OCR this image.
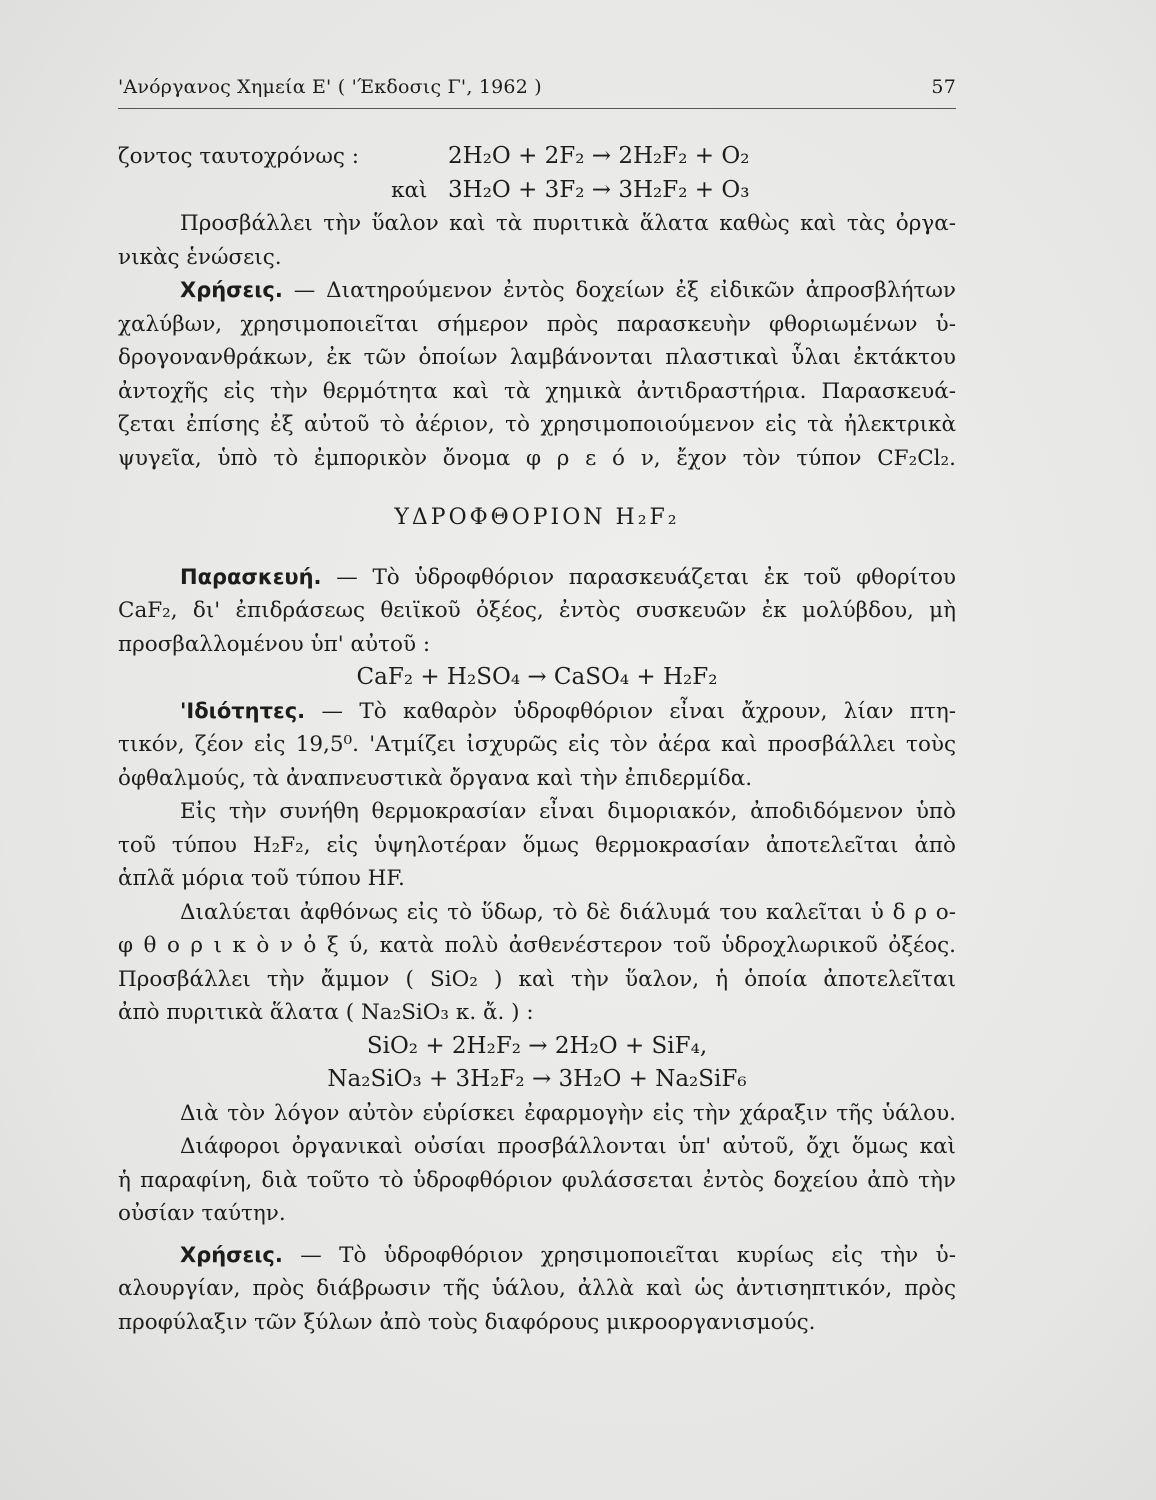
'Ανόργανος Χημεία Ε' ( 'Έκδοσις Γ', 1962 )	57
ζοντος ταυτοχρόνως :	2H₂O + 2F₂ → 2H₂F₂ + O₂
καὶ 3H₂O + 3F₂ → 3H₂F₂ + O₃
Προσβάλλει τὴν ὕαλον καὶ τὰ πυριτικὰ ἅλατα καθὼς καὶ τὰς ὀργα-
νικὰς ἑνώσεις.
Χρήσεις. — Διατηρούμενον ἐντὸς δοχείων ἐξ εἰδικῶν ἀπροσβλήτων
χαλύβων, χρησιμοποιεῖται σήμερον πρὸς παρασκευὴν φθοριωμένων ὑ-
δρογονανθράκων, ἐκ τῶν ὁποίων λαμβάνονται πλαστικαὶ ὗλαι ἐκτάκτου
ἀντοχῆς εἰς τὴν θερμότητα καὶ τὰ χημικὰ ἀντιδραστήρια. Παρασκευά-
ζεται ἐπίσης ἐξ αὐτοῦ τὸ ἀέριον, τὸ χρησιμοποιούμενον εἰς τὰ ἠλεκτρικὰ
ψυγεῖα, ὑπὸ τὸ ἐμπορικὸν ὄνομα φ ρ ε ό ν, ἔχον τὸν τύπον CF₂Cl₂.
ΥΔΡΟΦΘΟΡΙΟΝ H₂F₂
Παρασκευή. — Τὸ ὑδροφθόριον παρασκευάζεται ἐκ τοῦ φθορίτου
CaF₂, δι' ἐπιδράσεως θειϊκοῦ ὀξέος, ἐντὸς συσκευῶν ἐκ μολύβδου, μὴ
προσβαλλομένου ὑπ' αὐτοῦ :
CaF₂ + H₂SO₄ → CaSO₄ + H₂F₂
'Ιδιότητες. — Τὸ καθαρὸν ὑδροφθόριον εἶναι ἄχρουν, λίαν πτη-
τικόν, ζέον εἰς 19,5⁰. 'Ατμίζει ἰσχυρῶς εἰς τὸν ἀέρα καὶ προσβάλλει τοὺς
ὀφθαλμούς, τὰ ἀναπνευστικὰ ὄργανα καὶ τὴν ἐπιδερμίδα.
Εἰς τὴν συνήθη θερμοκρασίαν εἶναι διμοριακόν, ἀποδιδόμενον ὑπὸ
τοῦ τύπου H₂F₂, εἰς ὑψηλοτέραν ὅμως θερμοκρασίαν ἀποτελεῖται ἀπὸ
ἁπλᾶ μόρια τοῦ τύπου HF.
Διαλύεται ἀφθόνως εἰς τὸ ὕδωρ, τὸ δὲ διάλυμά του καλεῖται ὑ δ ρ ο-
φ θ ο ρ ι κ ὸ ν ὀ ξ ύ, κατὰ πολὺ ἀσθενέστερον τοῦ ὑδροχλωρικοῦ ὀξέος.
Προσβάλλει τὴν ἄμμον ( SiO₂ ) καὶ τὴν ὕαλον, ἡ ὁποία ἀποτελεῖται
ἀπὸ πυριτικὰ ἅλατα ( Na₂SiO₃ κ. ἄ. ) :
SiO₂ + 2H₂F₂ → 2H₂O + SiF₄,
Na₂SiO₃ + 3H₂F₂ → 3H₂O + Na₂SiF₆
Διὰ τὸν λόγον αὐτὸν εὑρίσκει ἐφαρμογὴν εἰς τὴν χάραξιν τῆς ὑάλου.
Διάφοροι ὀργανικαὶ οὐσίαι προσβάλλονται ὑπ' αὐτοῦ, ὄχι ὅμως καὶ
ἡ παραφίνη, διὰ τοῦτο τὸ ὑδροφθόριον φυλάσσεται ἐντὸς δοχείου ἀπὸ τὴν
οὐσίαν ταύτην.
Χρήσεις. — Τὸ ὑδροφθόριον χρησιμοποιεῖται κυρίως εἰς τὴν ὑ-
αλουργίαν, πρὸς διάβρωσιν τῆς ὑάλου, ἀλλὰ καὶ ὡς ἀντισηπτικόν, πρὸς
προφύλαξιν τῶν ξύλων ἀπὸ τοὺς διαφόρους μικροοργανισμούς.
